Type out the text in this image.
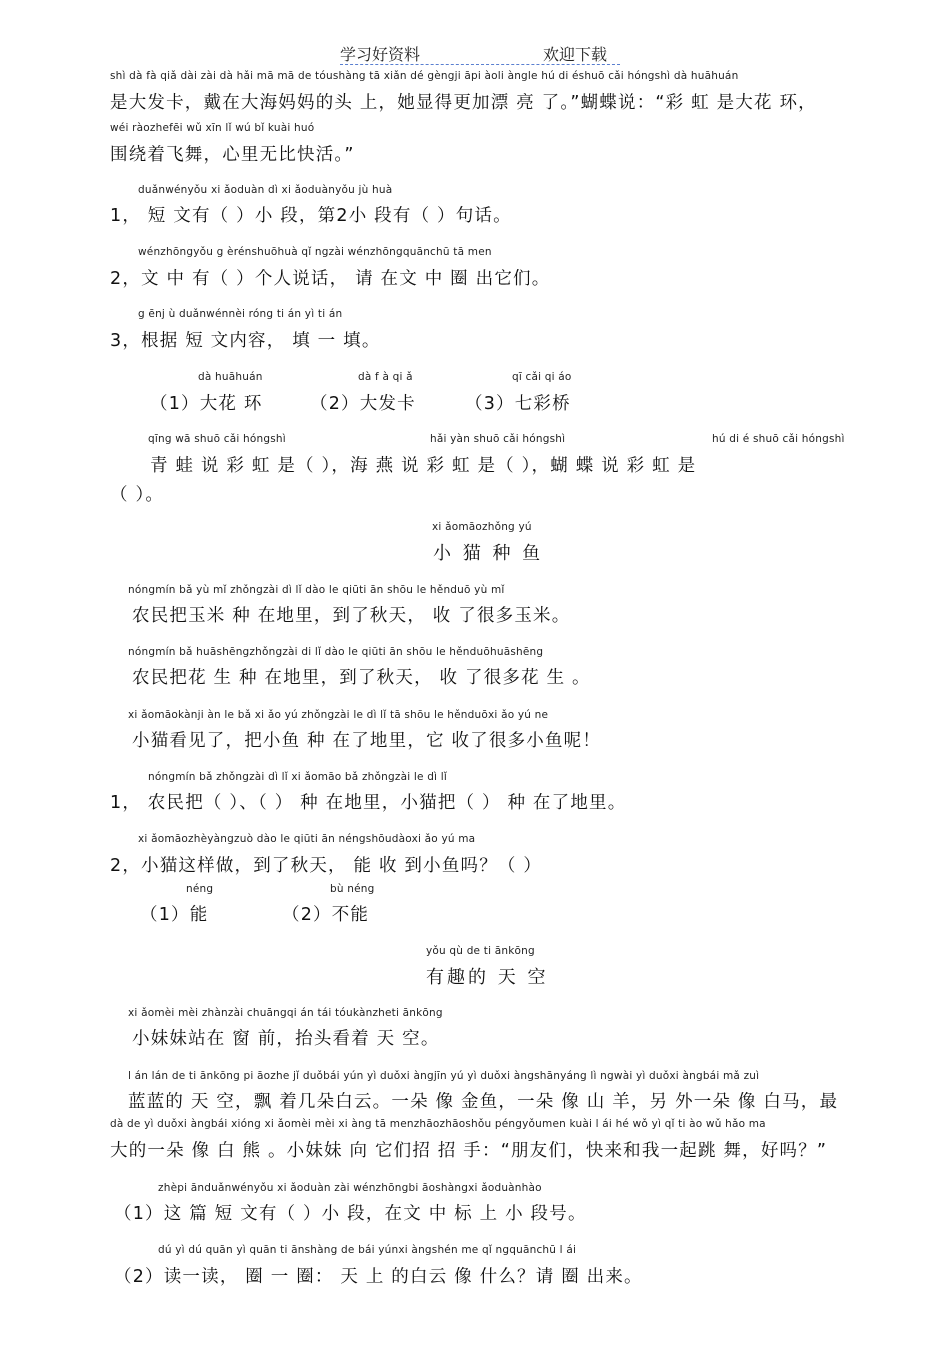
学习好资料	欢迎下载
shì dà fà qiǎ dài zài dà hǎi mā mā de tóushàng tā xiǎn dé gèngji āpi àoli àngle hú di éshuō cǎi hóngshì dà huāhuán
是大发卡，戴在大海妈妈的头 上，她显得更加漂 亮 了。”蝴蝶说：“彩 虹 是大花 环，
wéi ràozhefēi wǔ xīn lǐ wú bǐ kuài huó
围绕着飞舞，心里无比快活。”
duǎnwényǒu xi ǎoduàn dì xi ǎoduànyǒu jù huà
1， 短 文有（ ）小 段，第2小 段有（ ）句话。
wénzhōngyǒu g èrénshuōhuà qǐ ngzài wénzhōngquānchū tā men
2，文 中 有（ ）个人说话， 请 在文 中 圈 出它们。
g ēnj ù duǎnwénnèi róng ti án yì ti án
3，根据 短 文内容， 填 一 填。
dà huāhuán	dà f à qi ǎ	qī cǎi qi áo
（1）大花 环	（2）大发卡	（3）七彩桥
qīng wā shuō cǎi hóngshì	hǎi yàn shuō cǎi hóngshì	hú di é shuō cǎi hóngshì
青 蛙 说 彩 虹 是（ ），海 燕 说 彩 虹 是（ ），蝴 蝶 说 彩 虹 是
（ ）。
xi ǎomāozhǒng yú
小 猫 种 鱼
nóngmín bǎ yù mǐ zhǒngzài dì lǐ dào le qiūti ān shōu le hěnduō yù mǐ
农民把玉米 种 在地里，到了秋天， 收 了很多玉米。
nóngmín bǎ huāshēngzhǒngzài di lǐ dào le qiūti ān shōu le hěnduōhuāshēng
农民把花 生 种 在地里，到了秋天， 收 了很多花 生 。
xi ǎomāokànji àn le bǎ xi ǎo yú zhǒngzài le dì lǐ tā shōu le hěnduōxi ǎo yú ne
小猫看见了，把小鱼 种 在了地里，它 收了很多小鱼呢！
nóngmín bǎ zhǒngzài dì lǐ xi ǎomāo bǎ zhǒngzài le dì lǐ
1， 农民把（ ）、（ ） 种 在地里，小猫把（ ） 种 在了地里。
xi ǎomāozhèyàngzuò dào le qiūti ān néngshōudàoxi ǎo yú ma
2，小猫这样做，到了秋天， 能 收 到小鱼吗？（ ）
néng	bù néng
（1）能	（2）不能
yǒu qù de ti ānkōng
有趣的 天 空
xi ǎomèi mèi zhànzài chuāngqi án tái tóukànzheti ānkōng
小妹妹站在 窗 前，抬头看着 天 空。
l án lán de ti ānkōng pi āozhe jǐ duǒbái yún yì duǒxi àngjīn yú yì duǒxi àngshānyáng lì ngwài yì duǒxi àngbái mǎ zuì
蓝蓝的 天 空，飘 着几朵白云。一朵 像 金鱼，一朵 像 山 羊，另 外一朵 像 白马，最
dà de yì duǒxi àngbái xióng xi ǎomèi mèi xi àng tā menzhāozhāoshǒu péngyǒumen kuài l ái hé wǒ yì qǐ ti ào wǔ hǎo ma
大的一朵 像 白 熊 。小妹妹 向 它们招 招 手：“朋友们，快来和我一起跳 舞，好吗？”
zhèpi ānduǎnwényǒu xi ǎoduàn zài wénzhōngbi āoshàngxi ǎoduànhào
（1）这 篇 短 文有（ ）小 段，在文 中 标 上 小 段号。
dú yì dú quān yì quān ti ānshàng de bái yúnxi àngshén me qǐ ngquānchū l ái
（2）读一读， 圈 一 圈： 天 上 的白云 像 什么？请 圈 出来。
